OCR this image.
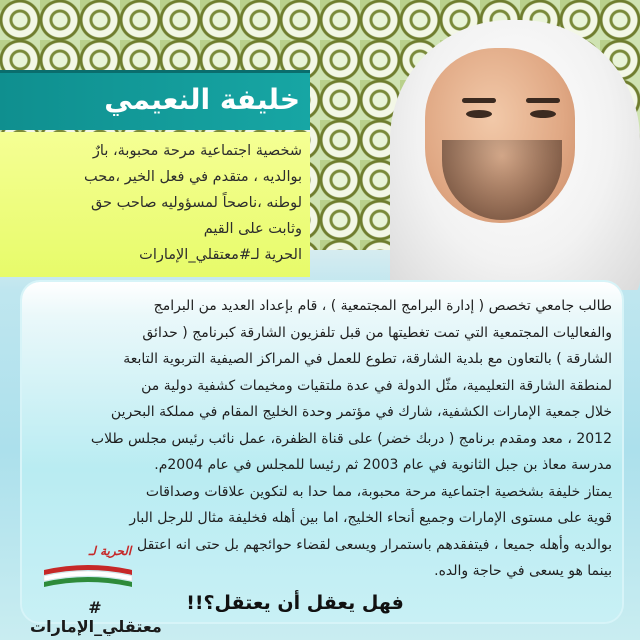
خليفة النعيمي
شخصية اجتماعية مرحة محبوبة، بارٌ
بوالديه ، متقدم في فعل الخير ،محب
لوطنه ،ناصحاً لمسؤوليه صاحب حق
وثابت على القيم
الحرية لـ#معتقلي_الإمارات
طالب جامعي تخصص ( إدارة البرامج المجتمعية ) ، قام بإعداد العديد من البرامج
والفعاليات المجتمعية التي تمت تغطيتها من قبل تلفزيون الشارقة كبرنامج ( حدائق
الشارقة ) بالتعاون مع بلدية الشارقة، تطوع للعمل في المراكز الصيفية التربوية التابعة
لمنطقة الشارقة التعليمية، مثّل الدولة في عدة ملتقيات ومخيمات كشفية دولية من
خلال جمعية الإمارات الكشفية، شارك في مؤتمر وحدة الخليج المقام في مملكة البحرين
2012 ، معد ومقدم برنامج ( دربك خضر) على قناة الظفرة، عمل نائب رئيس مجلس طلاب
مدرسة معاذ بن جبل الثانوية في عام 2003 ثم رئيسا للمجلس في عام 2004م.
يمتاز خليفة بشخصية اجتماعية مرحة محبوبة، مما حدا به لتكوين علاقات وصداقات
قوية على مستوى الإمارات وجميع أنحاء الخليج، اما بين أهله فخليفة مثال للرجل البار
بوالديه وأهله جميعا ، فيتفقدهم باستمرار ويسعى لقضاء حوائجهم بل حتى انه اعتقل
بينما هو يسعى في حاجة والده.
فهل يعقل أن يعتقل؟!!
الحرية لـ
# معتقلي_الإمارات
